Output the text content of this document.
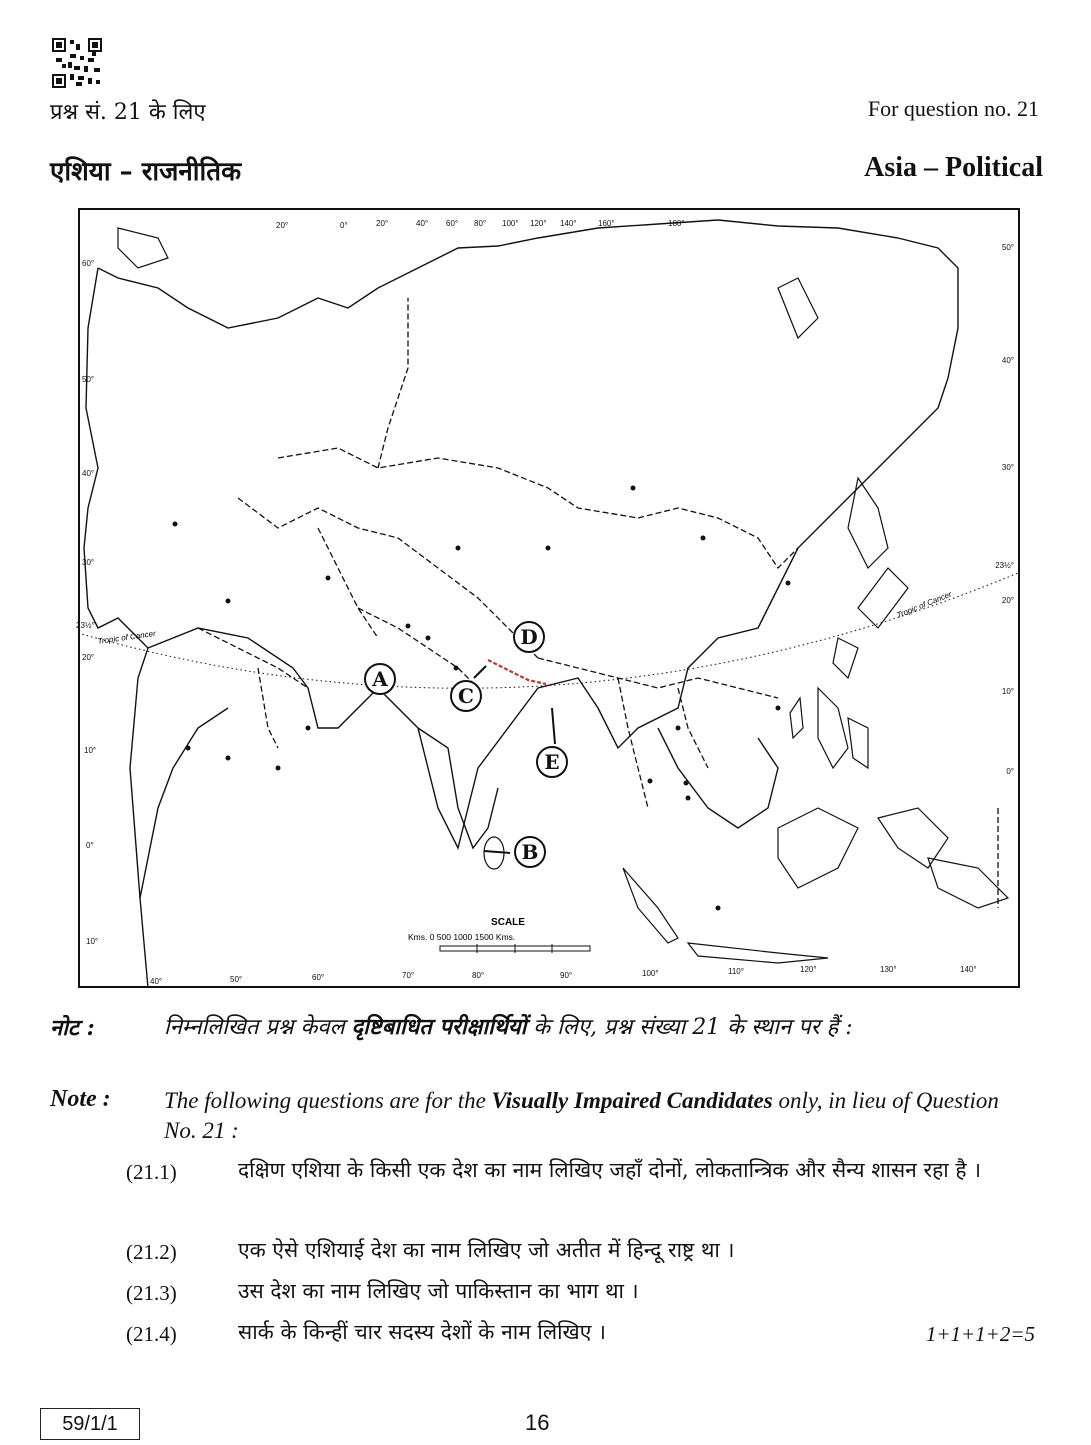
प्रश्न सं. 21 के लिए	For question no. 21
एशिया – राजनीतिक	Asia – Political
Tropic of Cancer
Tropic of Cancer
60°
50°
40°
30°
23½°
20°
10°
0°
10°
50°
40°
30°
23½°
20°
10°
0°
20°	0°	20°	40° 60° 80° 100° 120° 140°	160°	180°
40°	50°	60°	70°	80°	90°	100°	110°	120°	130°	140°
SCALE
Kms. 0 500 1000 1500 Kms.
A
B
C
D
E
नोट :	निम्नलिखित प्रश्न केवल दृष्टिबाधित परीक्षार्थियों के लिए, प्रश्न संख्या 21 के स्थान पर हैं :
Note : The following questions are for the Visually Impaired Candidates only, in lieu of Question No. 21 :
(21.1)	दक्षिण एशिया के किसी एक देश का नाम लिखिए जहाँ दोनों, लोकतान्त्रिक और सैन्य शासन रहा है ।
(21.2)	एक ऐसे एशियाई देश का नाम लिखिए जो अतीत में हिन्दू राष्ट्र था ।
(21.3)	उस देश का नाम लिखिए जो पाकिस्तान का भाग था ।
(21.4)	सार्क के किन्हीं चार सदस्य देशों के नाम लिखिए ।	1+1+1+2=5
59/1/1	16
